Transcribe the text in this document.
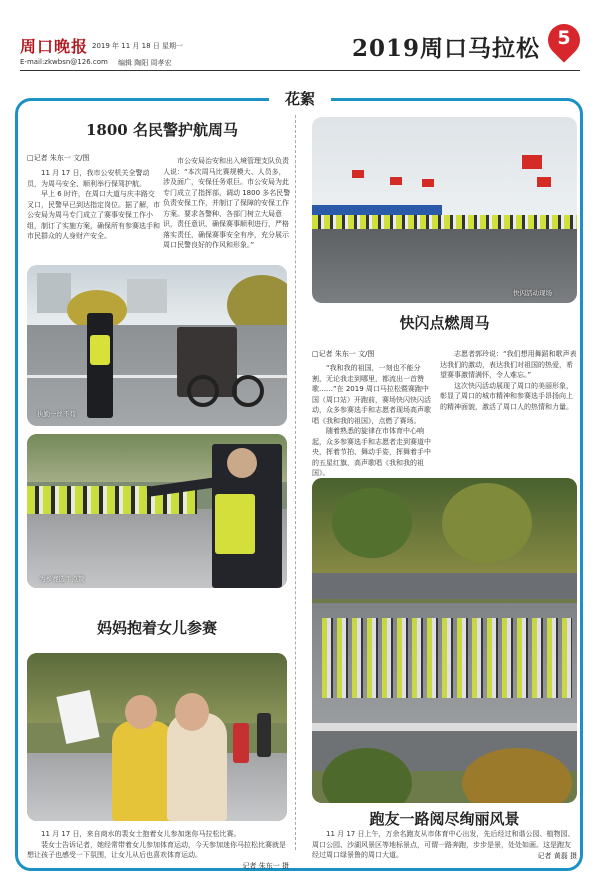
周口晚报 2019 年 11 月 18 日 星期一
E-mail:zkwbsn@126.com 编辑 陶阳 周孝宏
2019周口马拉松 5
花絮
1800 名民警护航周马
□记者 朱东一 文/图

11 月 17 日，我市公安机关全警动员，为周马安全、顺利举行保驾护航。

早上 6 时许，在周口大道与庆丰路交叉口，民警早已到达指定岗位。据了解，市公安局为周马专门成立了赛事安保工作小组，制订了实施方案，确保所有参赛选手和市民群众的人身财产安全。

市公安局治安和出入境管理支队负责人说：“本次周马比赛规模大、人员多，涉及面广，安保任务艰巨。市公安局为此专门成立了指挥部，调动 1800 多名民警负责安保工作，并制订了保障的安保工作方案。要求各警种、各部门树立大局意识，责任意识，确保赛事顺利进行，严格落实责任，确保赛事安全有序，充分展示周口民警良好的作风和形象。”

执勤一丝不苟
为参赛选手点赞
快闪活动现场
快闪点燃周马
□记者 朱东一 文/图

“我和我的祖国，一刻也不能分割，无论我走到哪里，都流出一首赞歌……”在 2019 周口马拉松暨赛跑中国（周口站）开跑前，赛场快闪快闪活动，众多参赛选手和志愿者现场高声歌唱《我和我的祖国》，点燃了赛场。

随着熟悉的旋律在市体育中心响起，众多参赛选手和志愿者走到赛道中央，挥着节拍、舞动手姿，挥舞着手中的五星红旗，高声歌唱《我和我的祖国》。

志愿者郭玲说：“我们想用舞蹈和歌声表达我们的激动，表达我们对祖国的热爱，希望赛事激情满怀，令人难忘。”

这次快闪活动展现了周口的美丽形象，彰显了周口的城市精神和参赛选手昂扬向上的精神面貌，激活了周口人的热情和力量。

妈妈抱着女儿参赛

11 月 17 日，来自商水的裴女士抱着女儿参加迷你马拉松比赛。

裴女士告诉记者，她经常带着女儿参加体育运动，今天参加迷你马拉松比赛就是想让孩子也感受一下氛围，让女儿从后也喜欢体育运动。

记者 朱东一 摄
跑友一路阅尽绚丽风景

11 月 17 日上午，万余名跑友从市体育中心出发，先后经过和谐公园、植物园、周口公园、沙湖风景区等地标景点，可谓一路奔跑，步步是景，处处如画。这是跑友经过周口绿景鲁的周口大道。	记者 黄磊 摄
